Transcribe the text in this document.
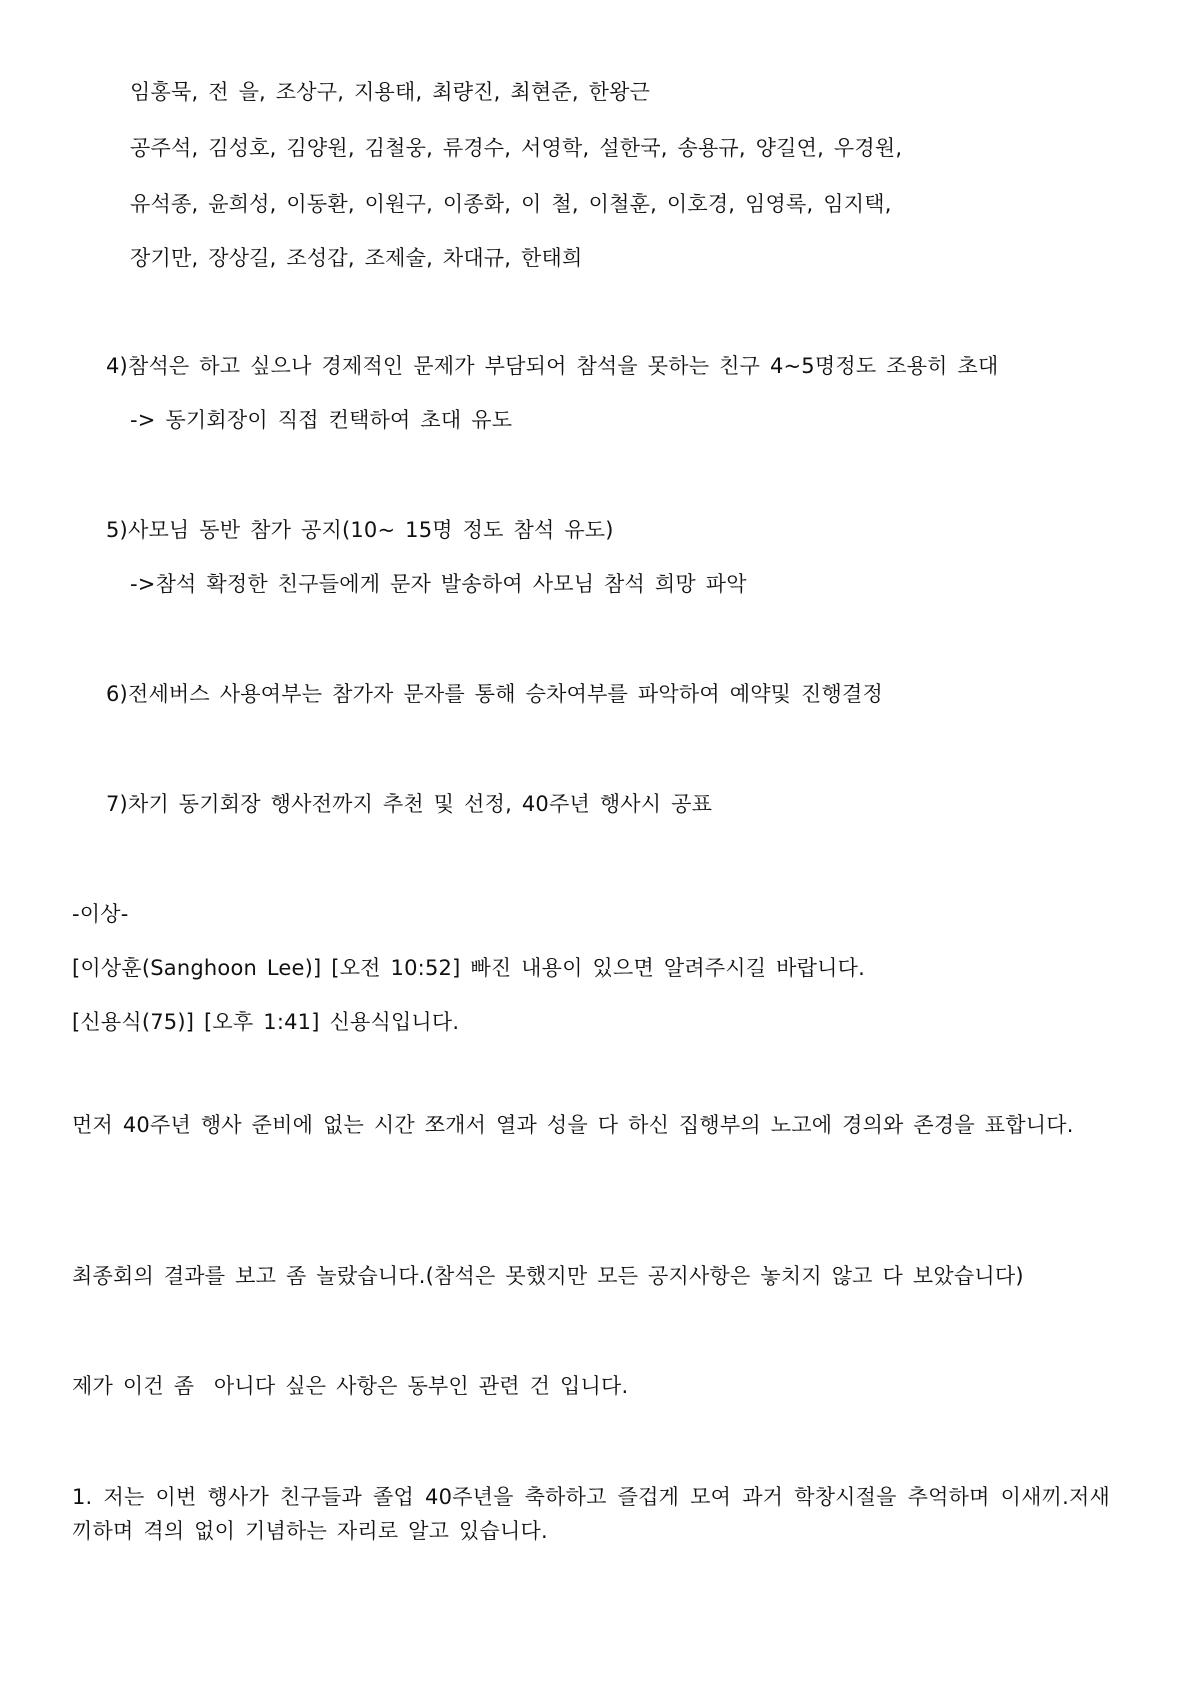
임홍묵, 전 을, 조상구, 지용태, 최량진, 최현준, 한왕근
공주석, 김성호, 김양원, 김철웅, 류경수, 서영학, 설한국, 송용규, 양길연, 우경원,
유석종, 윤희성, 이동환, 이원구, 이종화, 이 철, 이철훈, 이호경, 임영록, 임지택,
장기만, 장상길, 조성갑, 조제술, 차대규, 한태희
4)참석은 하고 싶으나 경제적인 문제가 부담되어 참석을 못하는 친구 4~5명정도 조용히 초대
-> 동기회장이 직접 컨택하여 초대 유도
5)사모님 동반 참가 공지(10~ 15명 정도 참석 유도)
->참석 확정한 친구들에게 문자 발송하여 사모님 참석 희망 파악
6)전세버스 사용여부는 참가자 문자를 통해 승차여부를 파악하여 예약및 진행결정
7)차기 동기회장 행사전까지 추천 및 선정, 40주년 행사시 공표
-이상-
[이상훈(Sanghoon Lee)] [오전 10:52] 빠진 내용이 있으면 알려주시길 바랍니다.
[신용식(75)] [오후 1:41] 신용식입니다.
먼저 40주년 행사 준비에 없는 시간 쪼개서 열과 성을 다 하신 집행부의 노고에 경의와 존경을 표합니다.
최종회의 결과를 보고 좀 놀랐습니다.(참석은 못했지만 모든 공지사항은 놓치지 않고 다 보았습니다)
제가 이건 좀  아니다 싶은 사항은 동부인 관련 건 입니다.
1. 저는 이번 행사가 친구들과 졸업 40주년을 축하하고 즐겁게 모여 과거 학창시절을 추억하며 이새끼.저새끼하며 격의 없이 기념하는 자리로 알고 있습니다.
